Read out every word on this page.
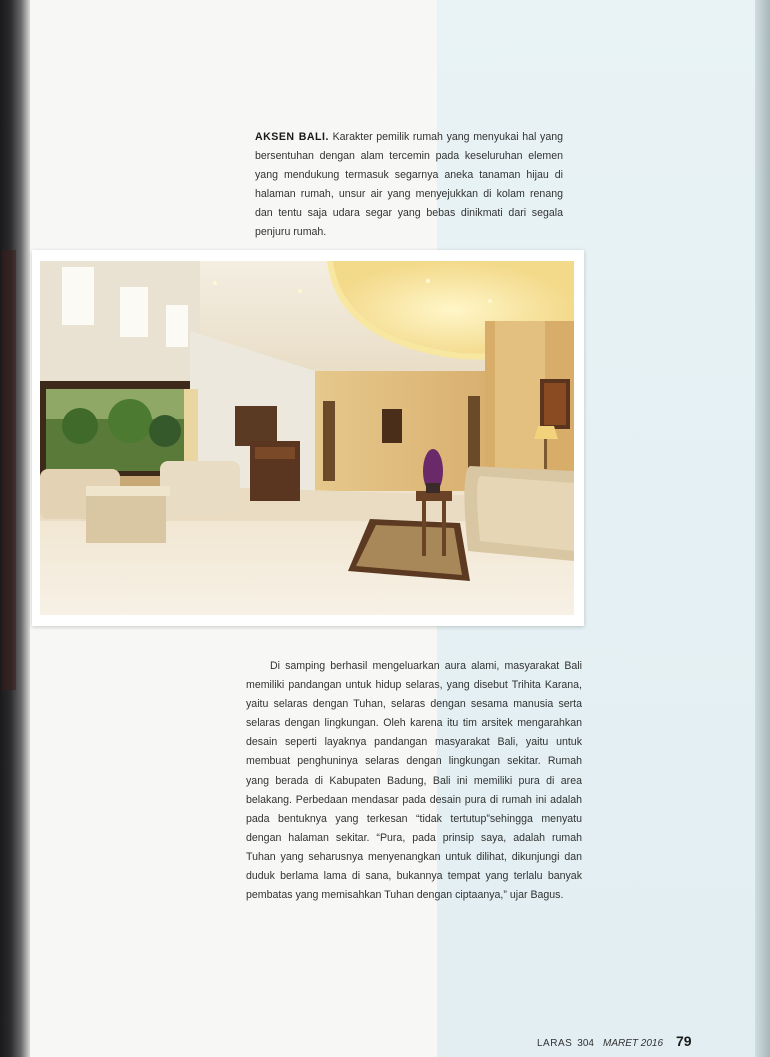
AKSEN BALI. Karakter pemilik rumah yang menyukai hal yang bersentuhan dengan alam tercemin pada keseluruhan elemen yang mendukung termasuk segarnya aneka tanaman hijau di halaman rumah, unsur air yang menyejukkan di kolam renang dan tentu saja udara segar yang bebas dinikmati dari segala penjuru rumah.
Di samping berhasil mengeluarkan aura alami, masyarakat Bali memiliki pandangan untuk hidup selaras, yang disebut Trihita Karana, yaitu selaras dengan Tuhan, selaras dengan sesama manusia serta selaras dengan lingkungan. Oleh karena itu tim arsitek mengarahkan desain seperti layaknya pandangan masyarakat Bali, yaitu untuk membuat penghuninya selaras dengan lingkungan sekitar. Rumah yang berada di Kabupaten Badung, Bali ini memiliki pura di area belakang. Perbedaan mendasar pada desain pura di rumah ini adalah pada bentuknya yang terkesan “tidak tertutup”sehingga menyatu dengan halaman sekitar. “Pura, pada prinsip saya, adalah rumah Tuhan yang seharusnya menyenangkan untuk dilihat, dikunjungi dan duduk berlama lama di sana, bukannya tempat yang terlalu banyak pembatas yang memisahkan Tuhan dengan ciptaanya,” ujar Bagus.
LARAS 304 MARET 2016 79
